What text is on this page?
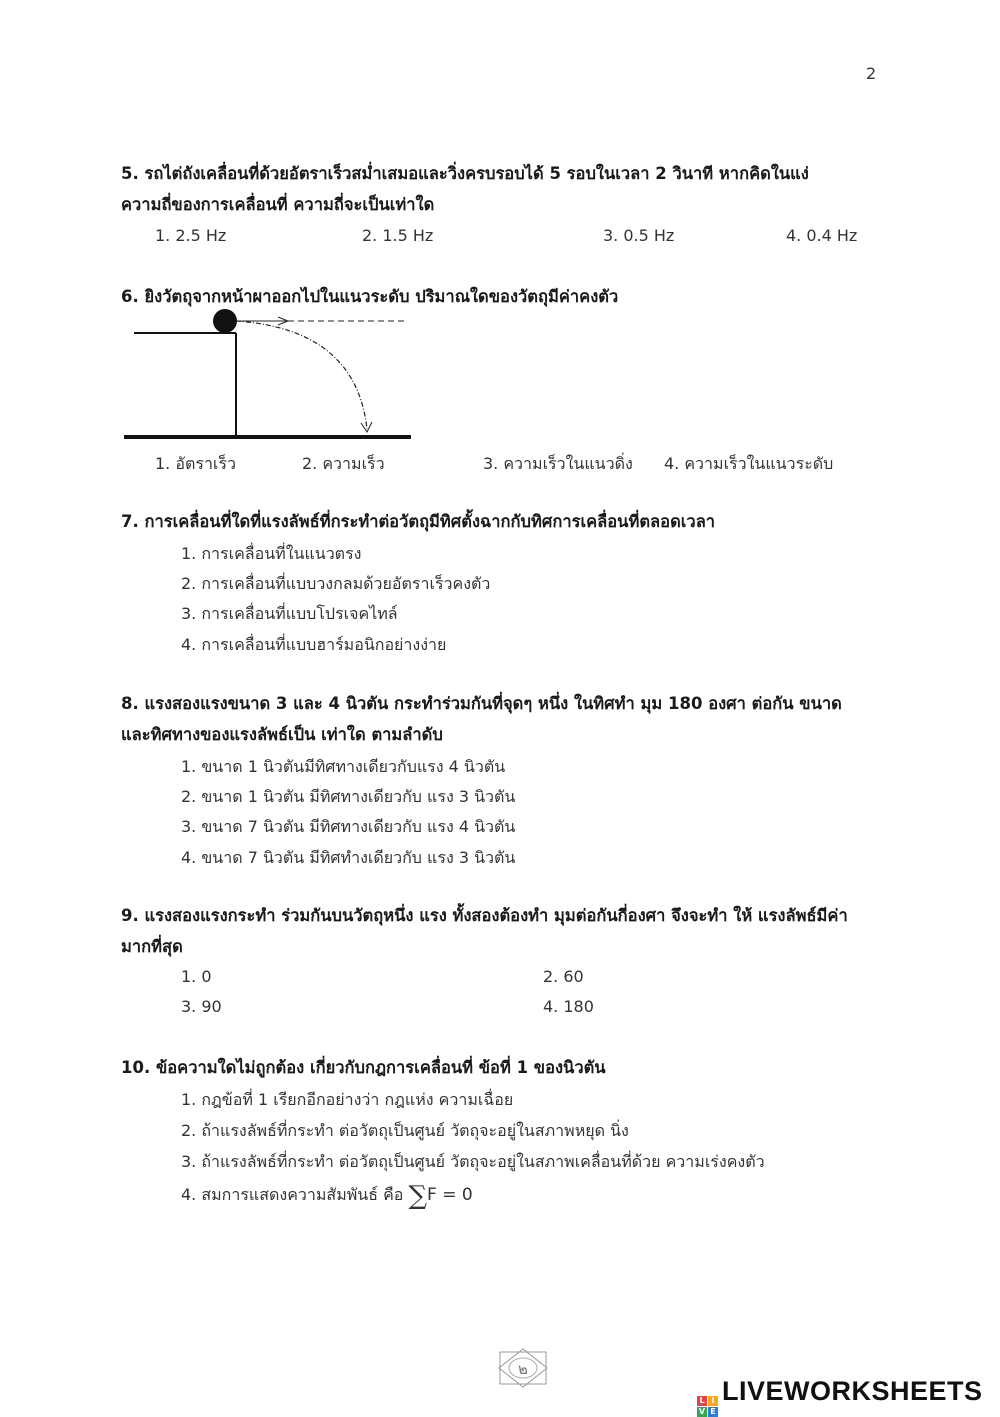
2
5. รถไต่ถังเคลื่อนที่ด้วยอัตราเร็วสม่ำเสมอและวิ่งครบรอบได้ 5 รอบในเวลา 2 วินาที หากคิดในแง่
ความถี่ของการเคลื่อนที่ ความถี่จะเป็นเท่าใด
1. 2.5 Hz	2. 1.5 Hz	3. 0.5 Hz	4. 0.4 Hz
6. ยิงวัตถุจากหน้าผาออกไปในแนวระดับ ปริมาณใดของวัตถุมีค่าคงตัว
1. อัตราเร็ว	2. ความเร็ว	3. ความเร็วในแนวดิ่ง 4. ความเร็วในแนวระดับ
7. การเคลื่อนที่ใดที่แรงลัพธ์ที่กระทำต่อวัตถุมีทิศตั้งฉากกับทิศการเคลื่อนที่ตลอดเวลา
1. การเคลื่อนที่ในแนวตรง
2. การเคลื่อนที่แบบวงกลมด้วยอัตราเร็วคงตัว
3. การเคลื่อนที่แบบโปรเจคไทล์
4. การเคลื่อนที่แบบฮาร์มอนิกอย่างง่าย
8. แรงสองแรงขนาด 3 และ 4 นิวตัน กระทำร่วมกันที่จุดๆ หนึ่ง ในทิศทำ มุม 180 องศา ต่อกัน ขนาด
และทิศทางของแรงลัพธ์เป็น เท่าใด ตามลำดับ
1. ขนาด 1 นิวตันมีทิศทางเดียวกับแรง 4 นิวตัน
2. ขนาด 1 นิวตัน มีทิศทางเดียวกับ แรง 3 นิวตัน
3. ขนาด 7 นิวตัน มีทิศทางเดียวกับ แรง 4 นิวตัน
4. ขนาด 7 นิวตัน มีทิศทำงเดียวกับ แรง 3 นิวตัน
9. แรงสองแรงกระทำ ร่วมกันบนวัตถุหนึ่ง แรง ทั้งสองต้องทำ มุมต่อกันกี่องศา จึงจะทำ ให้ แรงลัพธ์มีค่า
มากที่สุด
1. 0	2. 60
3. 90	4. 180
10. ข้อความใดไม่ถูกต้อง เกี่ยวกับกฎการเคลื่อนที่ ข้อที่ 1 ของนิวตัน
1. กฎข้อที่ 1 เรียกอีกอย่างว่า กฎแห่ง ความเฉื่อย
2. ถ้าแรงลัพธ์ที่กระทำ ต่อวัตถุเป็นศูนย์ วัตถุจะอยู่ในสภาพหยุด นิ่ง
3. ถ้าแรงลัพธ์ที่กระทำ ต่อวัตถุเป็นศูนย์ วัตถุจะอยู่ในสภาพเคลื่อนที่ด้วย ความเร่งคงตัว
4. สมการแสดงความสัมพันธ์ คือ ∑F = 0
๒
L I
V E
LIVEWORKSHEETS
